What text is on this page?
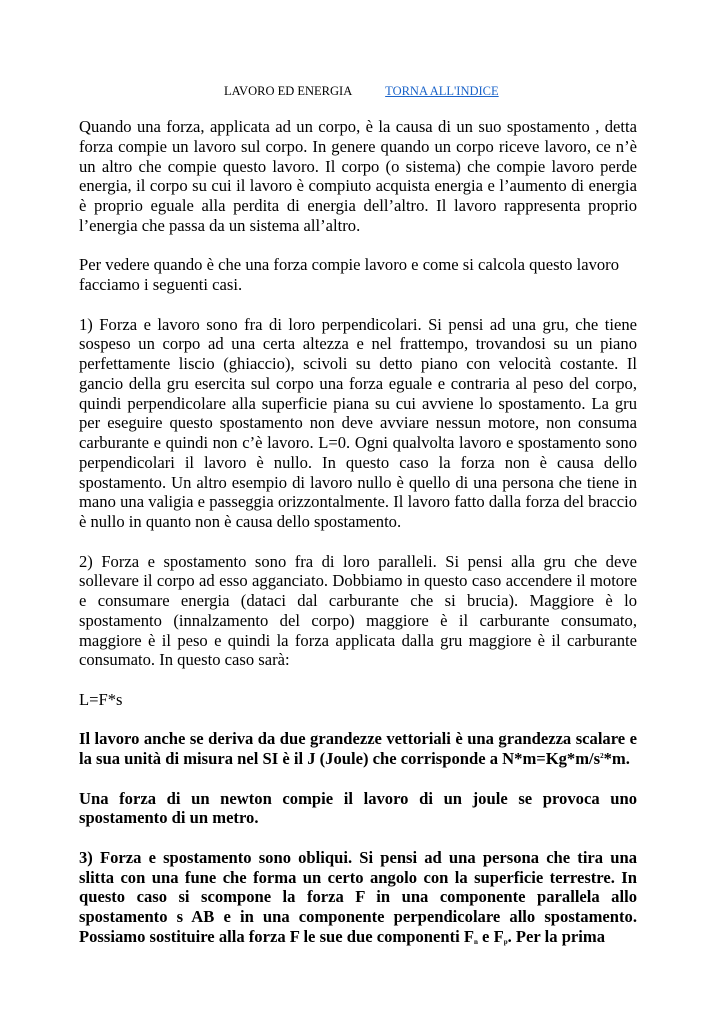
LAVORO ED ENERGIA	TORNA ALL'INDICE

Quando una forza, applicata ad un corpo, è la causa di un suo spostamento , detta forza compie un lavoro sul corpo. In genere quando un corpo riceve lavoro, ce n’è un altro che compie questo lavoro. Il corpo (o sistema) che compie lavoro perde energia, il corpo su cui il lavoro è compiuto acquista energia e l’aumento di energia è proprio eguale alla perdita di energia dell’altro. Il lavoro rappresenta proprio l’energia che passa da un sistema all’altro.

Per vedere quando è che una forza compie lavoro e come si calcola questo lavoro facciamo i seguenti casi.

1) Forza e lavoro sono fra di loro perpendicolari. Si pensi ad una gru, che tiene sospeso un corpo ad una certa altezza e nel frattempo, trovandosi su un piano perfettamente liscio (ghiaccio), scivoli su detto piano con velocità costante. Il gancio della gru esercita sul corpo una forza eguale e contraria al peso del corpo, quindi perpendicolare alla superficie piana su cui avviene lo spostamento. La gru per eseguire questo spostamento non deve avviare nessun motore, non consuma carburante e quindi non c’è lavoro. L=0. Ogni qualvolta lavoro e spostamento sono perpendicolari il lavoro è nullo. In questo caso la forza non è causa dello spostamento. Un altro esempio di lavoro nullo è quello di una persona che tiene in mano una valigia e passeggia orizzontalmente. Il lavoro fatto dalla forza del braccio è nullo in quanto non è causa dello spostamento.

2) Forza e spostamento sono fra di loro paralleli. Si pensi alla gru che deve sollevare il corpo ad esso agganciato. Dobbiamo in questo caso accendere il motore e consumare energia (dataci dal carburante che si brucia). Maggiore è lo spostamento (innalzamento del corpo) maggiore è il carburante consumato, maggiore è il peso e quindi la forza applicata dalla gru maggiore è il carburante consumato. In questo caso sarà:

L=F*s

Il lavoro anche se deriva da due grandezze vettoriali è una grandezza scalare e la sua unità di misura nel SI è il J (Joule) che corrisponde a $N*m=Kg*m/s^2*m$.

Una forza di un newton compie il lavoro di un joule se provoca uno spostamento di un metro.

3) Forza e spostamento sono obliqui. Si pensi ad una persona che tira una slitta con una fune che forma un certo angolo con la superficie terrestre. In questo caso si scompone la forza F in una componente parallela allo spostamento s AB e in una componente perpendicolare allo spostamento. Possiamo sostituire alla forza F le sue due componenti $F_n$ e $F_p$. Per la prima
